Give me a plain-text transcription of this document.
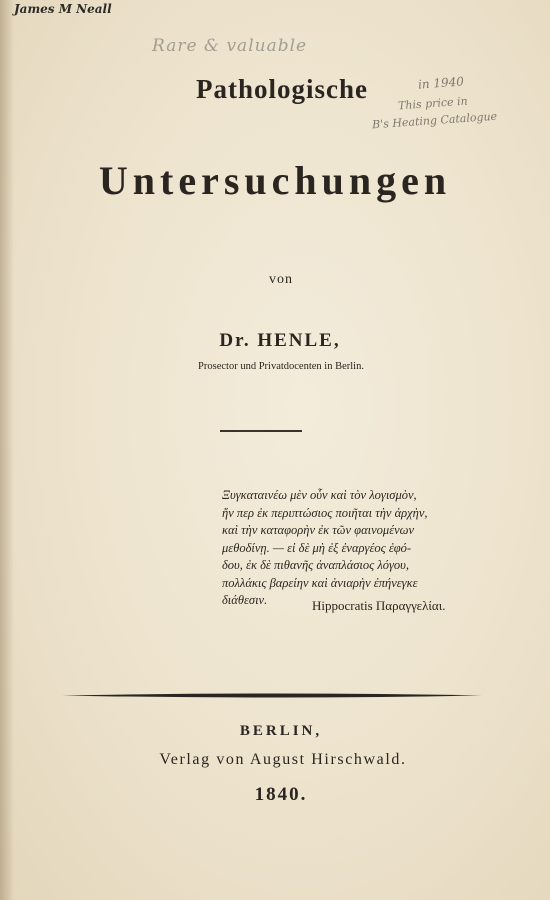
James M Neall
Rare & valuable
in 1940
This price in
B's Heating Catalogue
Pathologische
Untersuchungen
von
Dr. HENLE,
Prosector und Privatdocenten in Berlin.
Ξυγκαταινέω μὲν οὖν καὶ τὸν λογισμὸν,
ἤν περ ἐκ περιπτώσιος ποιῆται τὴν ἀρχὴν,
καὶ τὴν καταφορὴν ἐκ τῶν φαινομένων
μεθοδίνῃ. — εἰ δὲ μὴ ἐξ ἐναργέος ἐφό-
δου, ἐκ δὲ πιθανῆς ἀναπλάσιος λόγου,
πολλάκις βαρείην καὶ ἀνιαρὴν ἐπήνεγκε
διάθεσιν.	Hippocratis Παραγγελίαι.
BERLIN,
Verlag von August Hirschwald.
1840.
